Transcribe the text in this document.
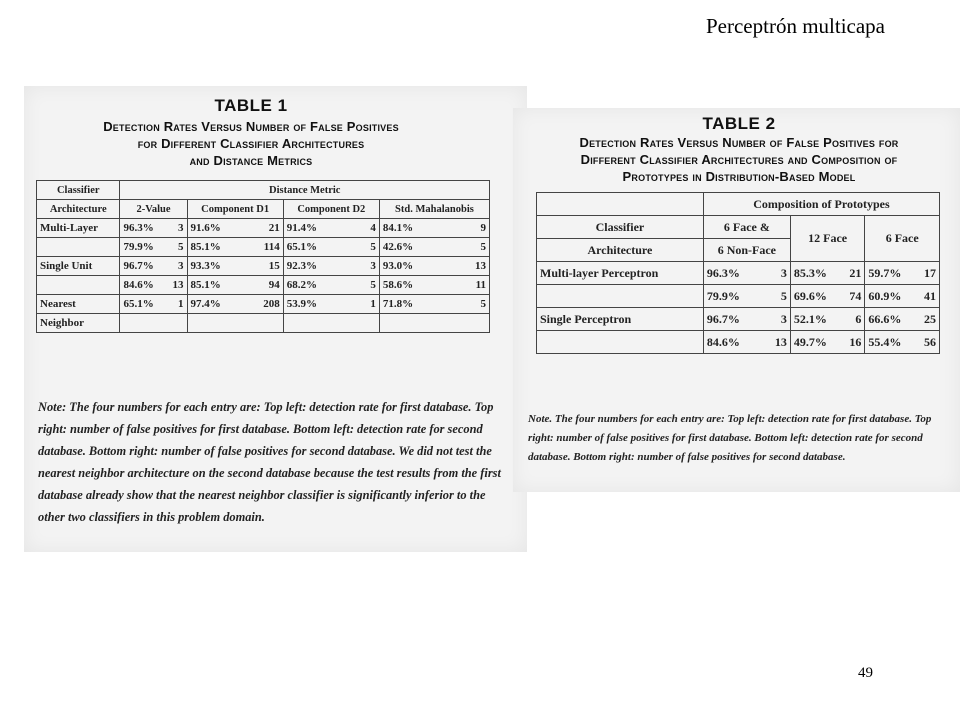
Perceptrón multicapa
TABLE 1
Detection Rates Versus Number of False Positives
for Different Classifier Architectures
and Distance Metrics
Classifier	Distance Metric			
Architecture	2-Value	Component D1	Component D2	Std. Mahalanobis
Multi-Layer	96.3% 3	91.6% 21	91.4% 4	84.1% 9

	79.9% 5	85.1% 114	65.1% 5	42.6% 5

Single Unit	96.7% 3	93.3% 15	92.3% 3	93.0% 13

	84.6% 13	85.1% 94	68.2% 5	58.6% 11

Nearest	65.1% 1	97.4% 208	53.9% 1	71.8% 5

Neighbor				
Note: The four numbers for each entry are: Top left: detection rate for first database. Top right: number of false positives for first database. Bottom left: detection rate for second database. Bottom right: number of false positives for second database. We did not test the nearest neighbor architecture on the second database because the test results from the first database already show that the nearest neighbor classifier is significantly inferior to the other two classifiers in this problem domain.
TABLE 2
Detection Rates Versus Number of False Positives for
Different Classifier Architectures and Composition of
Prototypes in Distribution-Based Model
	Composition of Prototypes		
Classifier	6 Face &	12 Face	6 Face
Architecture	6 Non-Face		
Multi-layer Perceptron	96.3% 3	85.3% 21	59.7% 17

	79.9% 5	69.6% 74	60.9% 41

Single Perceptron	96.7% 3	52.1% 6	66.6% 25

	84.6% 13	49.7% 16	55.4% 56
Note. The four numbers for each entry are: Top left: detection rate for first database. Top right: number of false positives for first database. Bottom left: detection rate for second database. Bottom right: number of false positives for second database.
49
